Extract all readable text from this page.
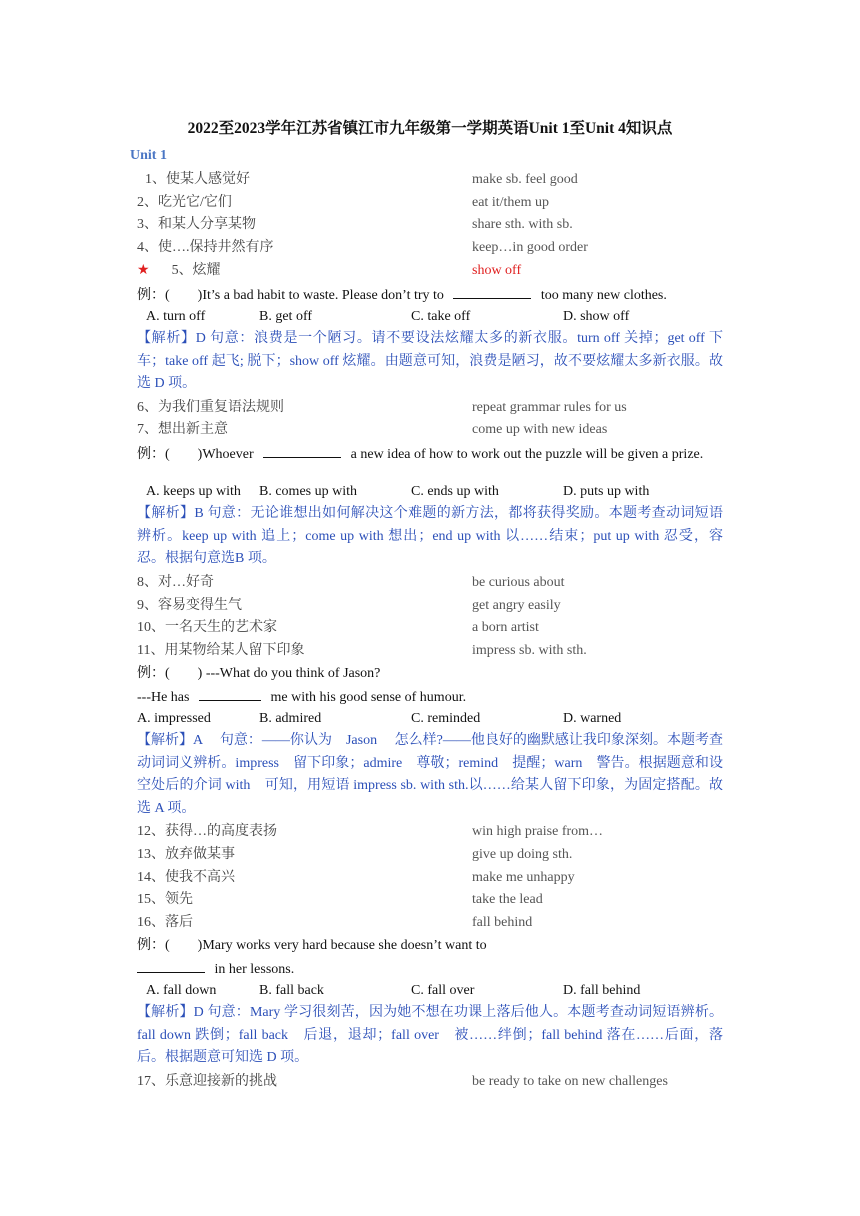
2022至2023学年江苏省镇江市九年级第一学期英语Unit 1至Unit 4知识点
Unit 1
1、使某人感觉好	make sb. feel good
2、吃光它/它们	eat it/them up
3、和某人分享某物	share sth. with sb.
4、使….保持井然有序	keep…in good order
★ 5、炫耀	show off
例：(　　)It’s a bad habit to waste. Please don’t try to	too many new clothes.
A. turn off	B. get off	C. take off	D. show off
【解析】D 句意：浪费是一个陋习。请不要设法炫耀太多的新衣服。turn off 关掉；get off 下车；take off 起飞; 脱下；show off 炫耀。由题意可知，浪费是陋习，故不要炫耀太多新衣服。故选 D 项。
6、为我们重复语法规则	repeat grammar rules for us
7、想出新主意	come up with new ideas
例：(　　)Whoever	a new idea of how to work out the puzzle will be given a prize.
A. keeps up with B. comes up with	C. ends up with	D. puts up with
【解析】B 句意：无论谁想出如何解决这个难题的新方法，都将获得奖励。本题考查动词短语辨析。keep up with 追上；come up with 想出；end up with 以……结束；put up with 忍受，容忍。根据句意选B 项。
8、对…好奇	be curious about
9、容易变得生气	get angry easily
10、一名天生的艺术家	a born artist
11、用某物给某人留下印象	impress sb. with sth.
例：(　　) ---What do you think of Jason?
---He has	me with his good sense of humour.
A. impressed	B. admired	C. reminded	D. warned
【解析】A　 句意：——你认为　Jason　 怎么样?——他良好的幽默感让我印象深刻。本题考查动词词义辨析。impress　留下印象；admire　尊敬；remind　提醒；warn　警告。根据题意和设空处后的介词 with　可知，用短语 impress sb. with sth.以……给某人留下印象，为固定搭配。故选 A 项。
12、获得…的高度表扬	win high praise from…
13、放弃做某事	give up doing sth.
14、使我不高兴	make me unhappy
15、领先	take the lead
16、落后	fall behind
例：(　　)Mary works very hard because she doesn’t want to
in her lessons.
A. fall down	B. fall back	C. fall over	D. fall behind
【解析】D 句意：Mary 学习很刻苦，因为她不想在功课上落后他人。本题考查动词短语辨析。fall down 跌倒；fall back　后退，退却；fall over　被……绊倒；fall behind 落在……后面，落后。根据题意可知选 D 项。
17、乐意迎接新的挑战	be ready to take on new challenges
